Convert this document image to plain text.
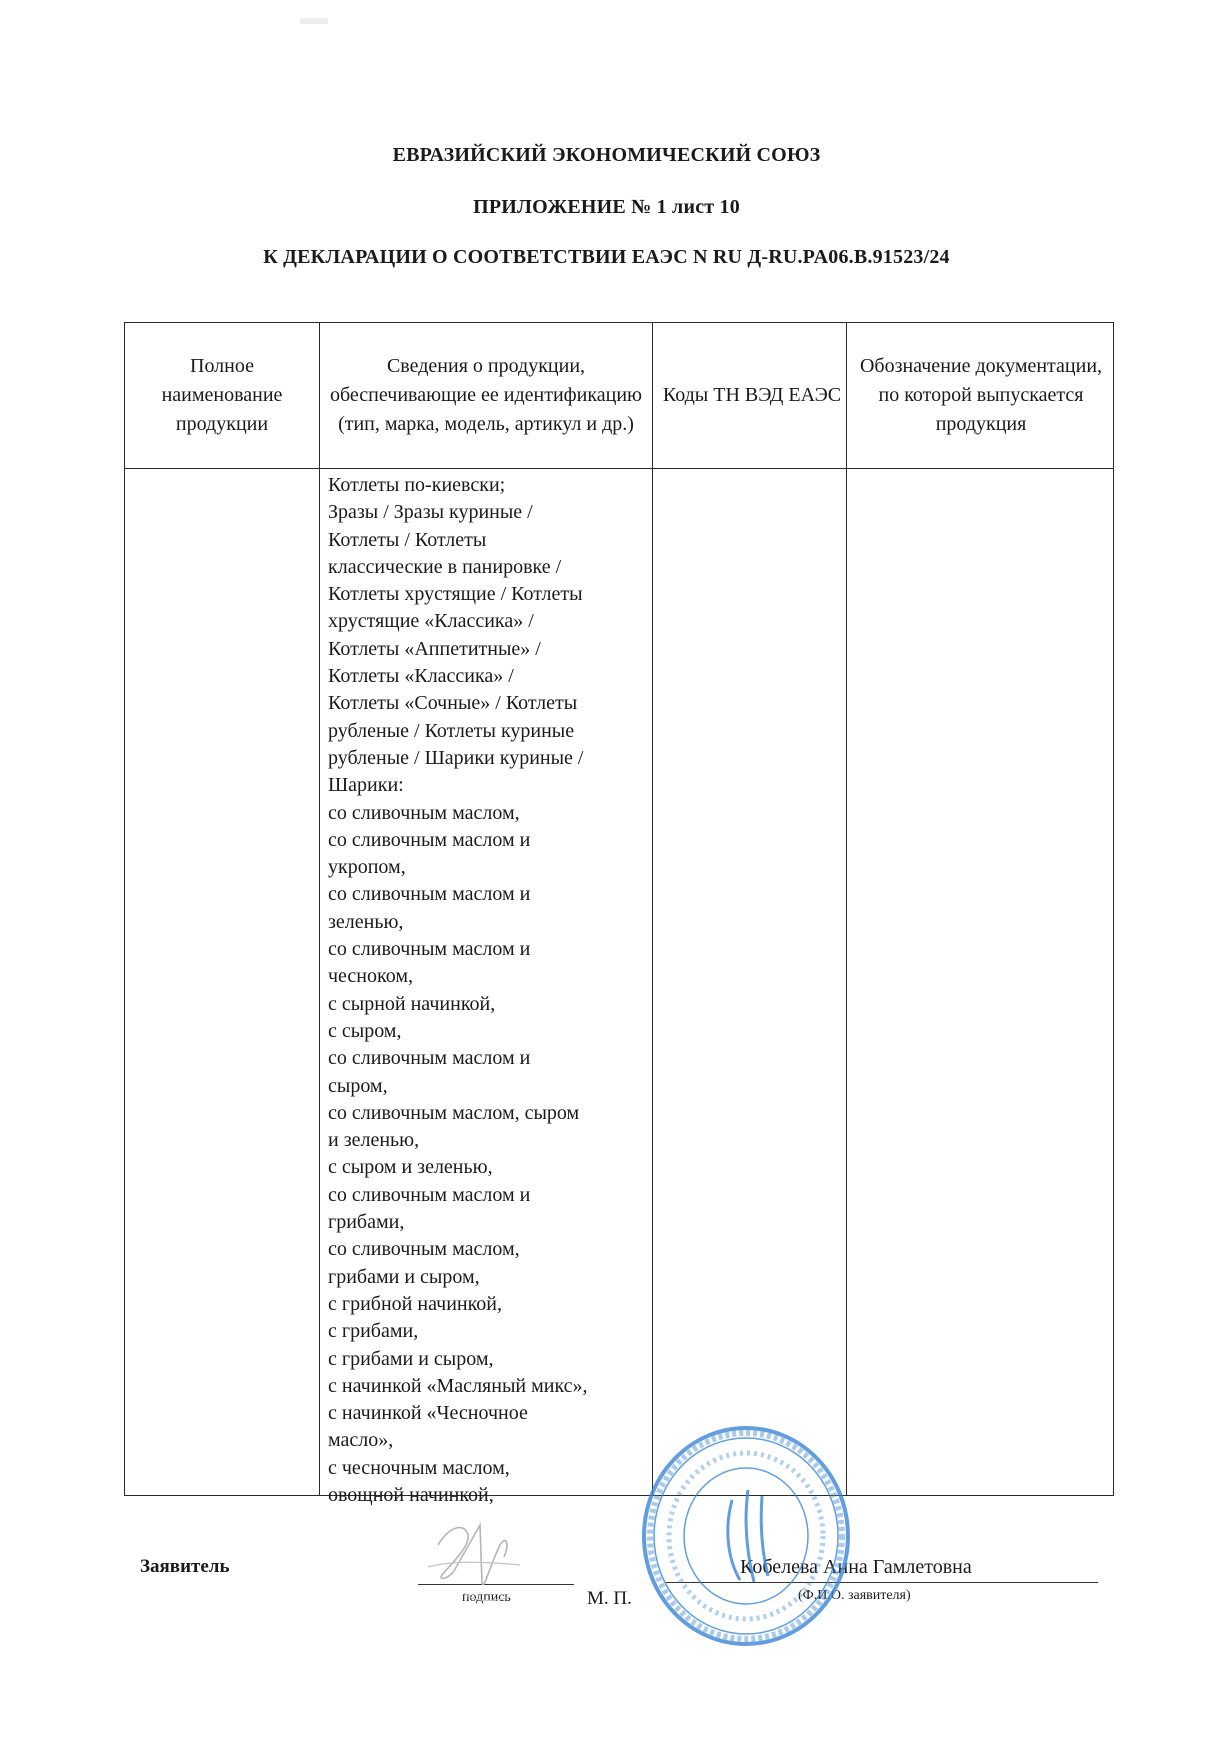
ЕВРАЗИЙСКИЙ ЭКОНОМИЧЕСКИЙ СОЮЗ
ПРИЛОЖЕНИЕ № 1 лист 10
К ДЕКЛАРАЦИИ О СООТВЕТСТВИИ ЕАЭС N RU Д-RU.PA06.B.91523/24
Полное наименование продукции
Сведения о продукции, обеспечивающие ее идентификацию (тип, марка, модель, артикул и др.)
Коды ТН ВЭД ЕАЭС
Обозначение документации, по которой выпускается продукция
Котлеты по-киевски;
Зразы / Зразы куриные /
Котлеты / Котлеты
классические в панировке /
Котлеты хрустящие / Котлеты
хрустящие «Классика» /
Котлеты «Аппетитные» /
Котлеты «Классика» /
Котлеты «Сочные» / Котлеты
рубленые / Котлеты куриные
рубленые / Шарики куриные /
Шарики:
со сливочным маслом,
со сливочным маслом и
укропом,
со сливочным маслом и
зеленью,
со сливочным маслом и
чесноком,
с сырной начинкой,
с сыром,
со сливочным маслом и
сыром,
со сливочным маслом, сыром
и зеленью,
с сыром и зеленью,
со сливочным маслом и
грибами,
со сливочным маслом,
грибами и сыром,
с грибной начинкой,
с грибами,
с грибами и сыром,
с начинкой «Масляный микс»,
с начинкой «Чесночное
масло»,
с чесночным маслом,
овощной начинкой,
Заявитель
подпись	М. П.
Кобелева Анна Гамлетовна
(Ф.И.О. заявителя)
